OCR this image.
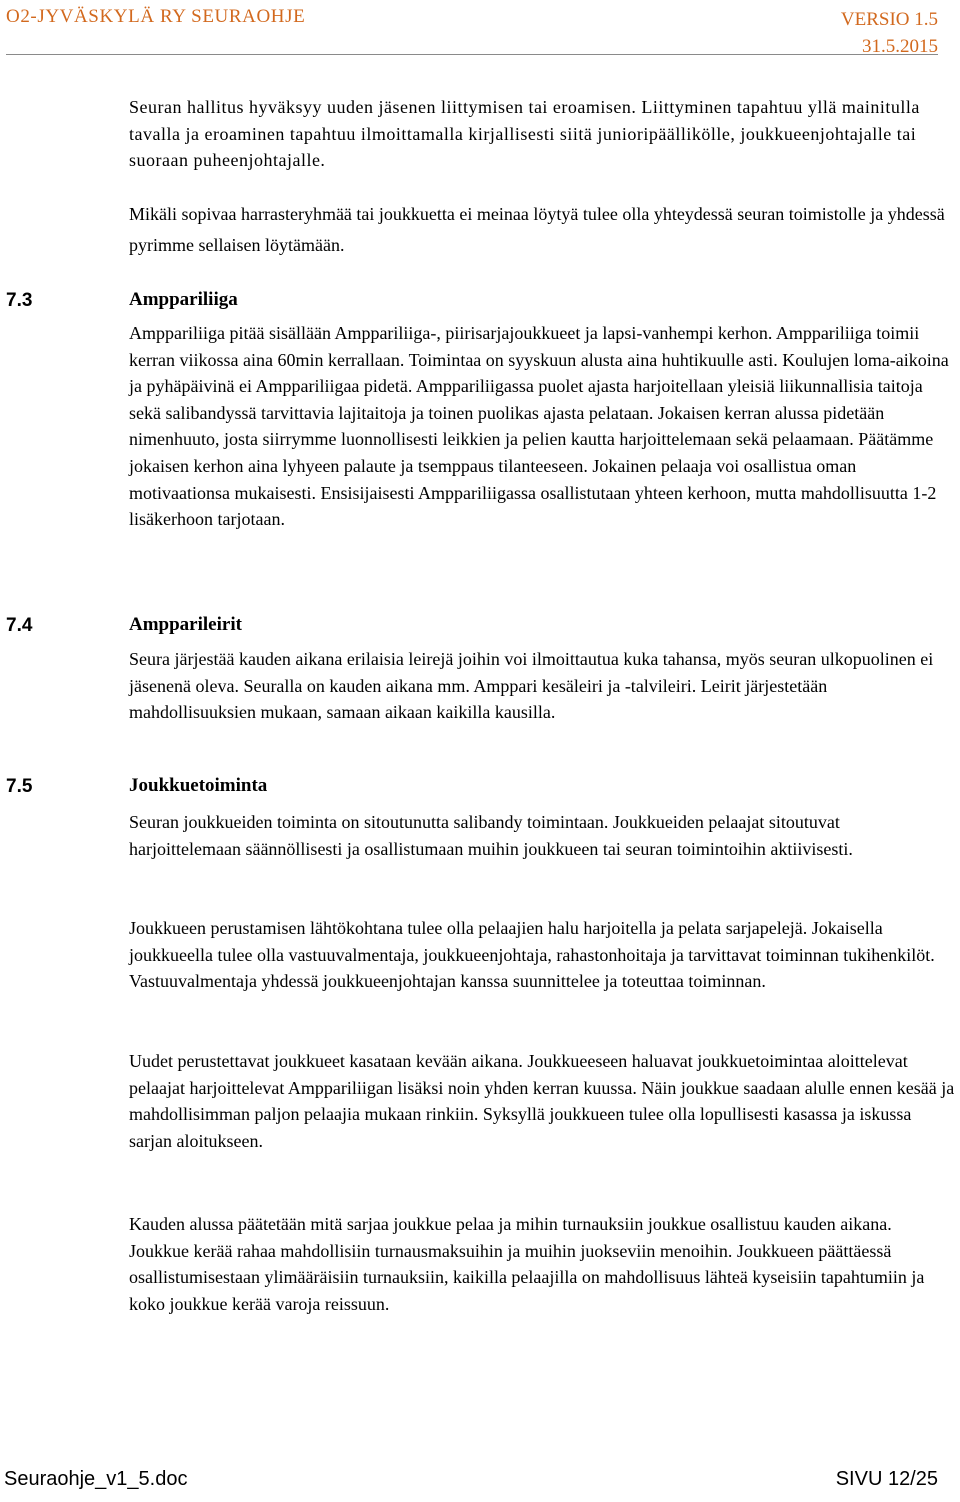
O2-JYVÄSKYLÄ RY SEURAOHJE	VERSIO 1.5
31.5.2015

Seuran hallitus hyväksyy uuden jäsenen liittymisen tai eroamisen. Liittyminen tapahtuu yllä mainitulla tavalla ja eroaminen tapahtuu ilmoittamalla kirjallisesti siitä junioripäällikölle, joukkueenjohtajalle tai suoraan puheenjohtajalle.

Mikäli sopivaa harrasteryhmää tai joukkuetta ei meinaa löytyä tulee olla yhteydessä seuran toimistolle ja yhdessä pyrimme sellaisen löytämään.

7.3	Amppariliiga

Amppariliiga pitää sisällään Amppariliiga-, piirisarjajoukkueet ja lapsi-vanhempi kerhon. Amppariliiga toimii kerran viikossa aina 60min kerrallaan. Toimintaa on syyskuun alusta aina huhtikuulle asti. Koulujen loma-aikoina ja pyhäpäivinä ei Amppariliigaa pidetä. Amppariliigassa puolet ajasta harjoitellaan yleisiä liikunnallisia taitoja sekä salibandyssä tarvittavia lajitaitoja ja toinen puolikas ajasta pelataan. Jokaisen kerran alussa pidetään nimenhuuto, josta siirrymme luonnollisesti leikkien ja pelien kautta harjoittelemaan sekä pelaamaan. Päätämme jokaisen kerhon aina lyhyeen palaute ja tsemppaus tilanteeseen. Jokainen pelaaja voi osallistua oman motivaationsa mukaisesti. Ensisijaisesti Amppariliigassa osallistutaan yhteen kerhoon, mutta mahdollisuutta 1-2 lisäkerhoon tarjotaan.

7.4	Ampparileirit

Seura järjestää kauden aikana erilaisia leirejä joihin voi ilmoittautua kuka tahansa, myös seuran ulkopuolinen ei jäsenenä oleva. Seuralla on kauden aikana mm. Amppari kesäleiri ja -talvileiri. Leirit järjestetään mahdollisuuksien mukaan, samaan aikaan kaikilla kausilla.

7.5	Joukkuetoiminta

Seuran joukkueiden toiminta on sitoutunutta salibandy toimintaan. Joukkueiden pelaajat sitoutuvat harjoittelemaan säännöllisesti ja osallistumaan muihin joukkueen tai seuran toimintoihin aktiivisesti.

Joukkueen perustamisen lähtökohtana tulee olla pelaajien halu harjoitella ja pelata sarjapelejä. Jokaisella joukkueella tulee olla vastuuvalmentaja, joukkueenjohtaja, rahastonhoitaja ja tarvittavat toiminnan tukihenkilöt. Vastuuvalmentaja yhdessä joukkueenjohtajan kanssa suunnittelee ja toteuttaa toiminnan.

Uudet perustettavat joukkueet kasataan kevään aikana. Joukkueeseen haluavat joukkuetoimintaa aloittelevat pelaajat harjoittelevat Amppariliigan lisäksi noin yhden kerran kuussa. Näin joukkue saadaan alulle ennen kesää ja mahdollisimman paljon pelaajia mukaan rinkiin. Syksyllä joukkueen tulee olla lopullisesti kasassa ja iskussa sarjan aloitukseen.

Kauden alussa päätetään mitä sarjaa joukkue pelaa ja mihin turnauksiin joukkue osallistuu kauden aikana. Joukkue kerää rahaa mahdollisiin turnausmaksuihin ja muihin juokseviin menoihin. Joukkueen päättäessä osallistumisestaan ylimääräisiin turnauksiin, kaikilla pelaajilla on mahdollisuus lähteä kyseisiin tapahtumiin ja koko joukkue kerää varoja reissuun.

Seuraohje_v1_5.doc	SIVU 12/25
